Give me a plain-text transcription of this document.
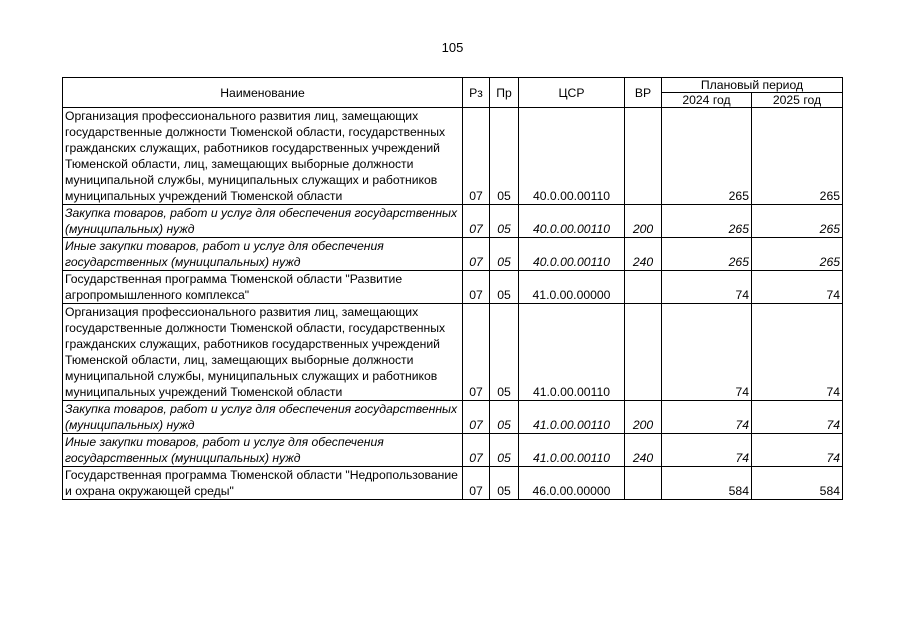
105
Наименование	Рз	Пр	ЦСР	ВР	Плановый период	
					2024 год	2025 год
Организация профессионального развития лиц, замещающих государственные должности Тюменской области, государственных гражданских служащих, работников государственных учреждений Тюменской области, лиц, замещающих выборные должности муниципальной службы, муниципальных служащих и работников муниципальных учреждений Тюменской области	07	05	40.0.00.00110		265	265
Закупка товаров, работ и услуг для обеспечения государственных (муниципальных) нужд	07	05	40.0.00.00110	200	265	265
Иные закупки товаров, работ и услуг для обеспечения государственных (муниципальных) нужд	07	05	40.0.00.00110	240	265	265
Государственная программа Тюменской области "Развитие агропромышленного комплекса"	07	05	41.0.00.00000		74	74
Организация профессионального развития лиц, замещающих государственные должности Тюменской области, государственных гражданских служащих, работников государственных учреждений Тюменской области, лиц, замещающих выборные должности муниципальной службы, муниципальных служащих и работников муниципальных учреждений Тюменской области	07	05	41.0.00.00110		74	74
Закупка товаров, работ и услуг для обеспечения государственных (муниципальных) нужд	07	05	41.0.00.00110	200	74	74
Иные закупки товаров, работ и услуг для обеспечения государственных (муниципальных) нужд	07	05	41.0.00.00110	240	74	74
Государственная программа Тюменской области "Недропользование и охрана окружающей среды"	07	05	46.0.00.00000		584	584
